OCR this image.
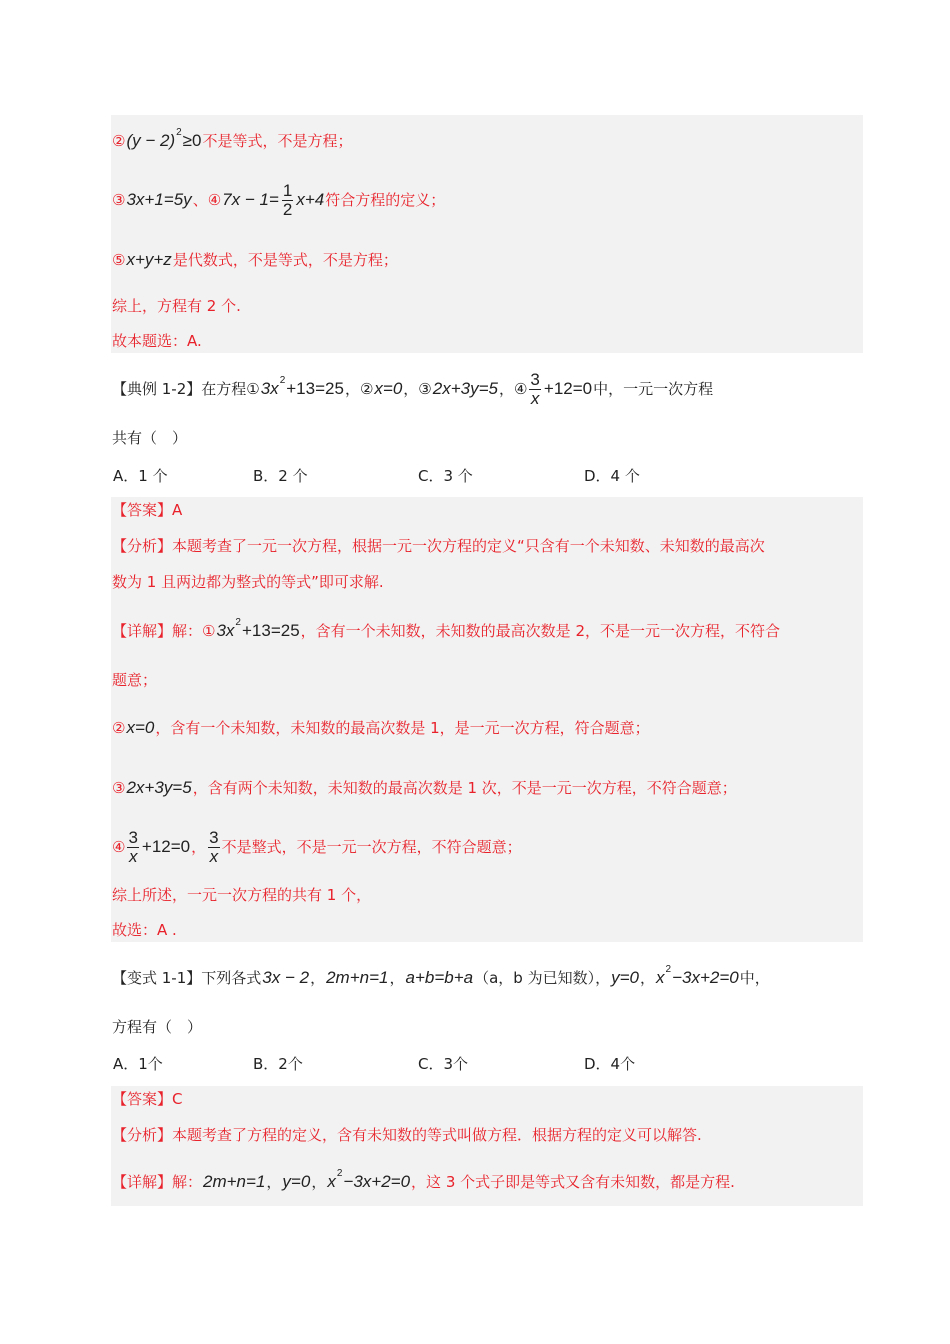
② (y − 2) 2 ≥0 不是等式，不是方程；
③ 3x+1=5y 、④ $7x - 1= \frac{1}{2} x+4$ 符合方程的定义；
⑤ x+y+z 是代数式，不是等式，不是方程；
综上，方程有 2 个.
故本题选：A.
【典例 1-2】在方程① 3x 2 +13=25 ，② x=0 ，③ 2x+3y=5 ，④ $\frac{3}{x} +12=0$ 中，一元一次方程
共有（　）
【答案】A
【分析】本题考查了一元一次方程，根据一元一次方程的定义“只含有一个未知数、未知数的最高次
数为 1 且两边都为整式的等式”即可求解.
【详解】解：① 3x 2 +13=25 ，含有一个未知数，未知数的最高次数是 2，不是一元一次方程，不符合
题意；
② x=0 ，含有一个未知数，未知数的最高次数是 1，是一元一次方程，符合题意；
③ 2x+3y=5 ，含有两个未知数，未知数的最高次数是 1 次，不是一元一次方程，不符合题意；
④ $\frac{3}{x} +12=0$ ， $\frac{3}{x}$ 不是整式，不是一元一次方程，不符合题意；
综上所述，一元一次方程的共有 1 个，
故选：A .
【变式 1-1】下列各式 3x − 2 ， 2m+n=1 ， a+b=b+a （a，b 为已知数）， y=0 ， x 2 −3x+2=0 中，
方程有（　）
【答案】C
【分析】本题考查了方程的定义，含有未知数的等式叫做方程．根据方程的定义可以解答.
【详解】解： 2m+n=1 ， y=0 ， x 2 −3x+2=0 ，这 3 个式子即是等式又含有未知数，都是方程.
A．1 个	B．2 个	C．3 个	D．4 个
A．1个	B．2个	C．3个	D．4个
